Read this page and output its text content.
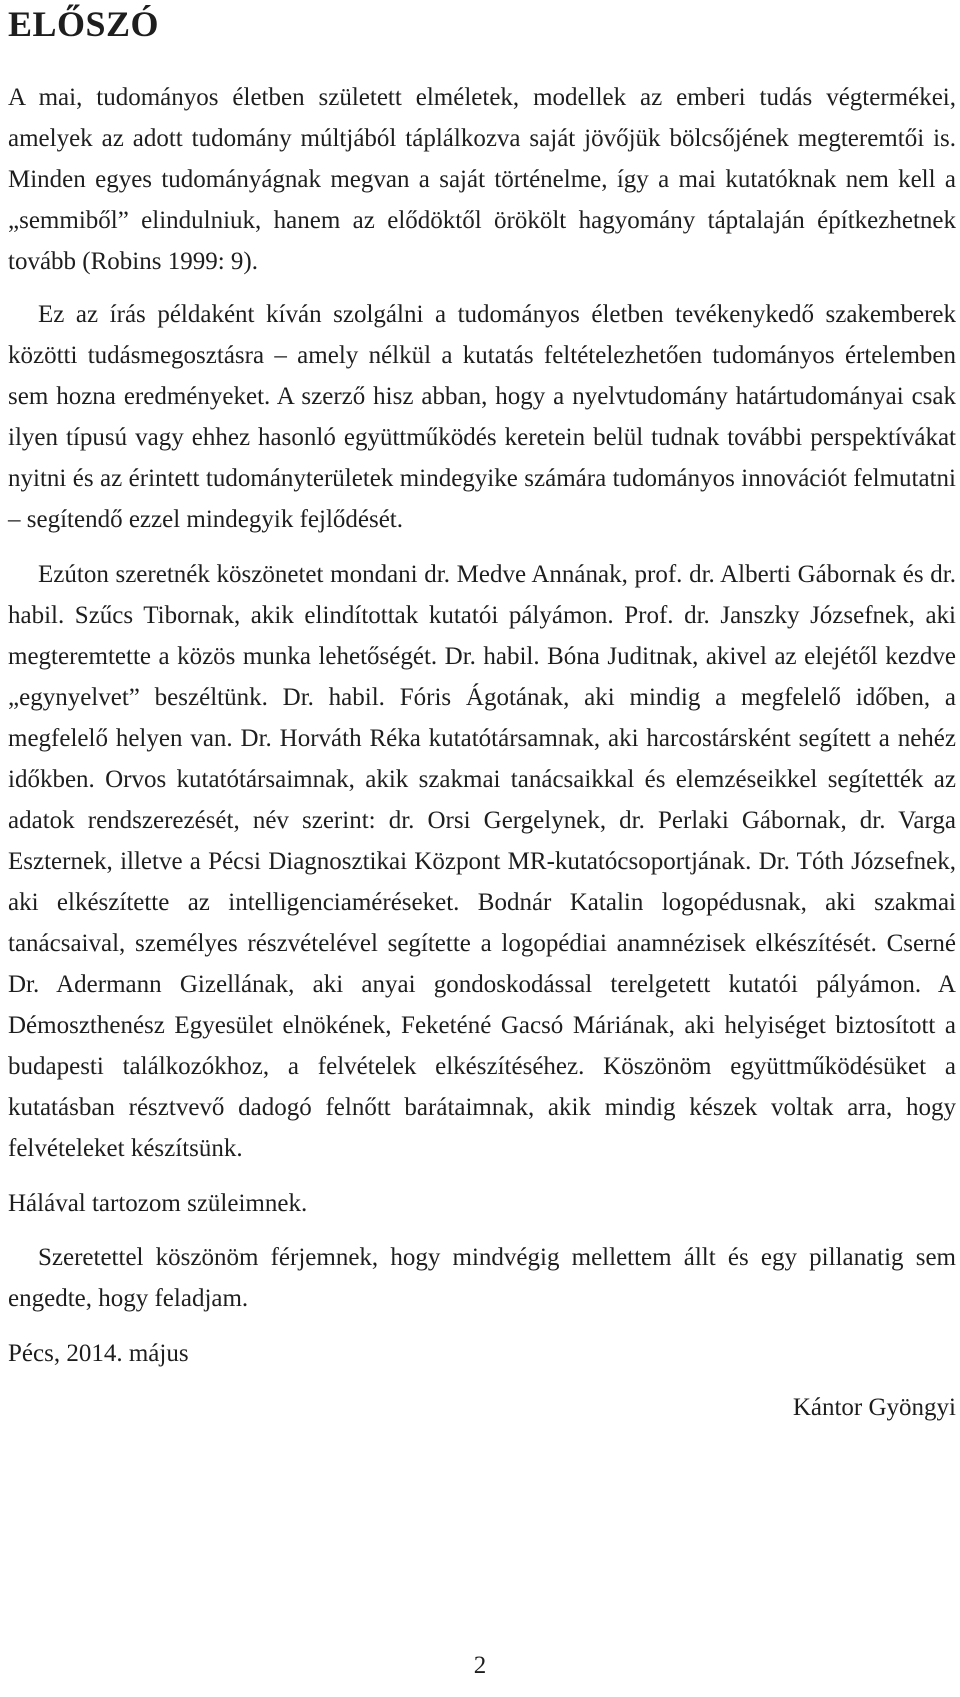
ELŐSZÓ

A mai, tudományos életben született elméletek, modellek az emberi tudás végtermékei, amelyek az adott tudomány múltjából táplálkozva saját jövőjük bölcsőjének megteremtői is. Minden egyes tudományágnak megvan a saját történelme, így a mai kutatóknak nem kell a „semmiből” elindulniuk, hanem az elődöktől örökölt hagyomány táptalaján építkezhetnek tovább (Robins 1999: 9).

Ez az írás példaként kíván szolgálni a tudományos életben tevékenykedő szakemberek közötti tudásmegosztásra – amely nélkül a kutatás feltételezhetően tudományos értelemben sem hozna eredményeket. A szerző hisz abban, hogy a nyelvtudomány határtudományai csak ilyen típusú vagy ehhez hasonló együttműködés keretein belül tudnak további perspektívákat nyitni és az érintett tudományterületek mindegyike számára tudományos innovációt felmutatni – segítendő ezzel mindegyik fejlődését.

Ezúton szeretnék köszönetet mondani dr. Medve Annának, prof. dr. Alberti Gábornak és dr. habil. Szűcs Tibornak, akik elindítottak kutatói pályámon. Prof. dr. Janszky Józsefnek, aki megteremtette a közös munka lehetőségét. Dr. habil. Bóna Juditnak, akivel az elejétől kezdve „egynyelvet” beszéltünk. Dr. habil. Fóris Ágotának, aki mindig a megfelelő időben, a megfelelő helyen van. Dr. Horváth Réka kutatótársamnak, aki harcostársként segített a nehéz időkben. Orvos kutatótársaimnak, akik szakmai tanácsaikkal és elemzéseikkel segítették az adatok rendszerezését, név szerint: dr. Orsi Gergelynek, dr. Perlaki Gábornak, dr. Varga Eszternek, illetve a Pécsi Diagnosztikai Központ MR-kutatócsoportjának. Dr. Tóth Józsefnek, aki elkészítette az intelligenciaméréseket. Bodnár Katalin logopédusnak, aki szakmai tanácsaival, személyes részvételével segítette a logopédiai anamnézisek elkészítését. Cserné Dr. Adermann Gizellának, aki anyai gondoskodással terelgetett kutatói pályámon. A Démoszthenész Egyesület elnökének, Feketéné Gacsó Máriának, aki helyiséget biztosított a budapesti találkozókhoz, a felvételek elkészítéséhez. Köszönöm együttműködésüket a kutatásban résztvevő dadogó felnőtt barátaimnak, akik mindig készek voltak arra, hogy felvételeket készítsünk.

Hálával tartozom szüleimnek.

Szeretettel köszönöm férjemnek, hogy mindvégig mellettem állt és egy pillanatig sem engedte, hogy feladjam.

Pécs, 2014. május

Kántor Gyöngyi

2
